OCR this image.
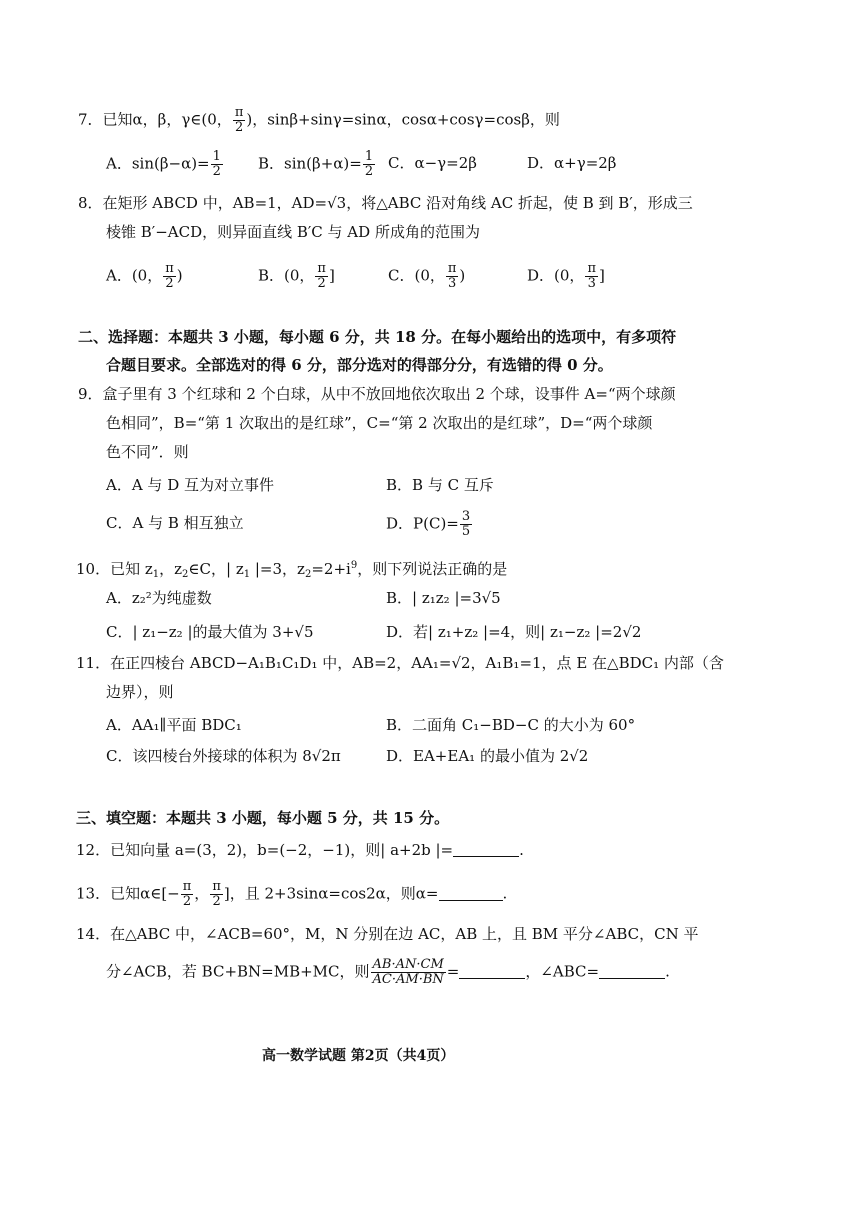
7．已知α，β，γ∈(0， $\frac{\pi}{2}$ )，sinβ+sinγ=sinα，cosα+cosγ=cosβ，则
A．$\sin(\beta-\alpha)= \frac{1}{2}$ B．$\sin(\beta+\alpha)= \frac{1}{2}$ C．α−γ=2β	D．α+γ=2β
8．在矩形 ABCD 中，AB=1，AD=√3，将△ABC 沿对角线 AC 折起，使 B 到 B′，形成三
棱锥 B′−ACD，则异面直线 B′C 与 AD 所成角的范围为
A．(0， $\frac{\pi}{2}$ )	B．(0， $\frac{\pi}{2}$ ]	C．(0， $\frac{\pi}{3}$ )	D．(0， $\frac{\pi}{3}$ ]
二、选择题：本题共 3 小题，每小题 6 分，共 18 分。在每小题给出的选项中，有多项符
合题目要求。全部选对的得 6 分，部分选对的得部分分，有选错的得 0 分。
9．盒子里有 3 个红球和 2 个白球，从中不放回地依次取出 2 个球，设事件 A=“两个球颜
色相同”，B=“第 1 次取出的是红球”，C=“第 2 次取出的是红球”，D=“两个球颜
色不同”．则
A．A 与 D 互为对立事件	B．B 与 C 互斥
C．A 与 B 相互独立	D．$P(C)= \frac{3}{5}$
10．已知 $z_1$，$z_2\in C$，| $z_1$ |=3，$z_2=2+i^9$，则下列说法正确的是
A．z₂²为纯虚数	B．| z₁z₂ |=3√5
C．| z₁−z₂ |的最大值为 3+√5	D．若| z₁+z₂ |=4，则| z₁−z₂ |=2√2
11．在正四棱台 ABCD−A₁B₁C₁D₁ 中，AB=2，AA₁=√2，A₁B₁=1，点 E 在△BDC₁ 内部（含
边界），则
A．AA₁∥平面 BDC₁	B．二面角 C₁−BD−C 的大小为 60°
C．该四棱台外接球的体积为 8√2π	D．EA+EA₁ 的最小值为 2√2
三、填空题：本题共 3 小题，每小题 5 分，共 15 分。
12．已知向量 a=(3，2)，b=(−2，−1)，则| a+2b |=	.
13．已知α∈[− $\frac{\pi}{2}$ ， $\frac{\pi}{2}$ ]，且 2+3sinα=cos2α，则α=	.
14．在△ABC 中，∠ACB=60°，M，N 分别在边 AC，AB 上，且 BM 平分∠ABC，CN 平
分∠ACB，若 BC+BN=MB+MC，则 $\frac{AB\cdot AN\cdot CM}{AC\cdot AM\cdot BN}$ =	，∠ABC=	.
高一数学试题 第2页（共4页）
